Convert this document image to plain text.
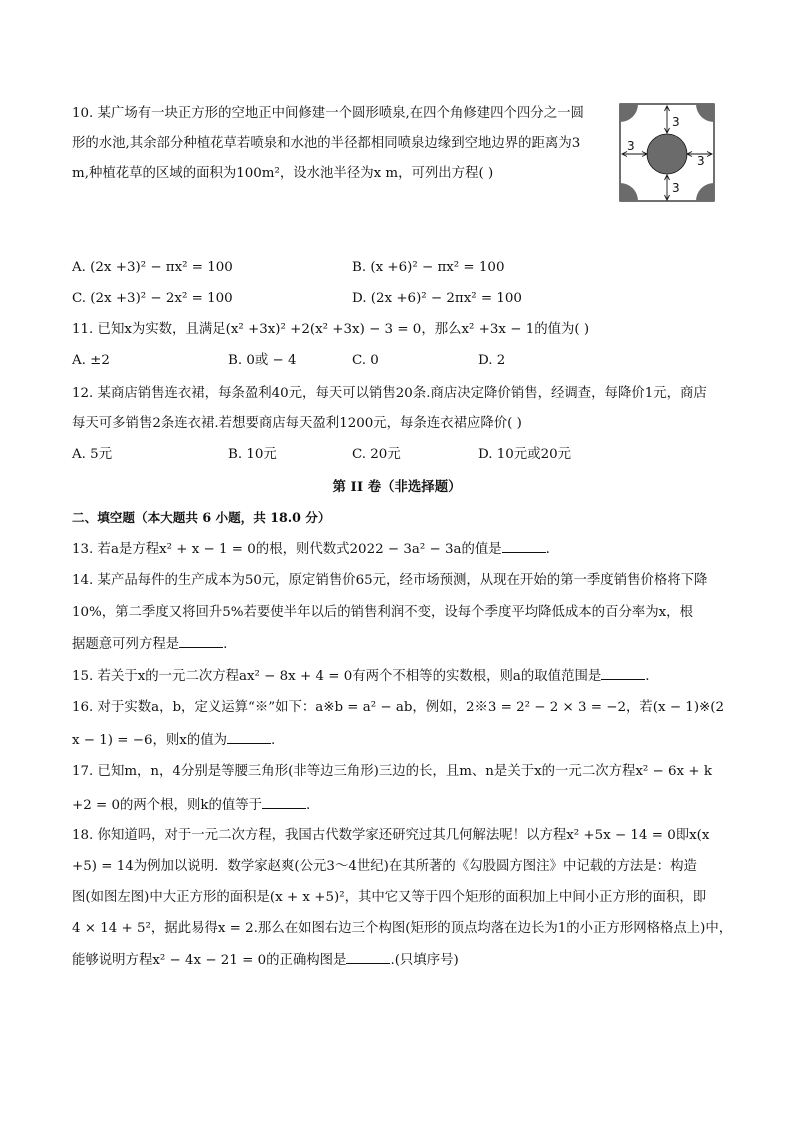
10. 某广场有一块正方形的空地正中间修建一个圆形喷泉,在四个角修建四个四分之一圆
形的水池,其余部分种植花草若喷泉和水池的半径都相同喷泉边缘到空地边界的距离为3
m,种植花草的区域的面积为100m²，设水池半径为x m，可列出方程( )
3
3
3
3
A. (2x +3)² − πx² = 100	B. (x +6)² − πx² = 100
C. (2x +3)² − 2x² = 100	D. (2x +6)² − 2πx² = 100
11. 已知x为实数，且满足(x² +3x)² +2(x² +3x) − 3 = 0，那么x² +3x − 1的值为( )
A. ±2	B. 0或 − 4	C. 0	D. 2
12. 某商店销售连衣裙，每条盈利40元，每天可以销售20条.商店决定降价销售，经调查，每降价1元，商店
每天可多销售2条连衣裙.若想要商店每天盈利1200元，每条连衣裙应降价( )
A. 5元	B. 10元	C. 20元	D. 10元或20元
第 II 卷（非选择题）
二、填空题（本大题共 6 小题，共 18.0 分）
13. 若a是方程x² + x − 1 = 0的根，则代数式2022 − 3a² − 3a的值是	.
14. 某产品每件的生产成本为50元，原定销售价65元，经市场预测，从现在开始的第一季度销售价格将下降
10%，第二季度又将回升5%若要使半年以后的销售利润不变，设每个季度平均降低成本的百分率为x，根
据题意可列方程是	.
15. 若关于x的一元二次方程ax² − 8x + 4 = 0有两个不相等的实数根，则a的取值范围是	.
16. 对于实数a，b，定义运算“※”如下：a※b = a² − ab，例如，2※3 = 2² − 2 × 3 = −2，若(x − 1)※(2
x − 1) = −6，则x的值为	.
17. 已知m，n，4分别是等腰三角形(非等边三角形)三边的长，且m、n是关于x的一元二次方程x² − 6x + k
+2 = 0的两个根，则k的值等于	.
18. 你知道吗，对于一元二次方程，我国古代数学家还研究过其几何解法呢！以方程x² +5x − 14 = 0即x(x
+5) = 14为例加以说明．数学家赵爽(公元3～4世纪)在其所著的《勾股圆方图注》中记载的方法是：构造
图(如图左图)中大正方形的面积是(x + x +5)²，其中它又等于四个矩形的面积加上中间小正方形的面积，即
4 × 14 + 5²，据此易得x = 2.那么在如图右边三个构图(矩形的顶点均落在边长为1的小正方形网格格点上)中，
能够说明方程x² − 4x − 21 = 0的正确构图是	.(只填序号)
